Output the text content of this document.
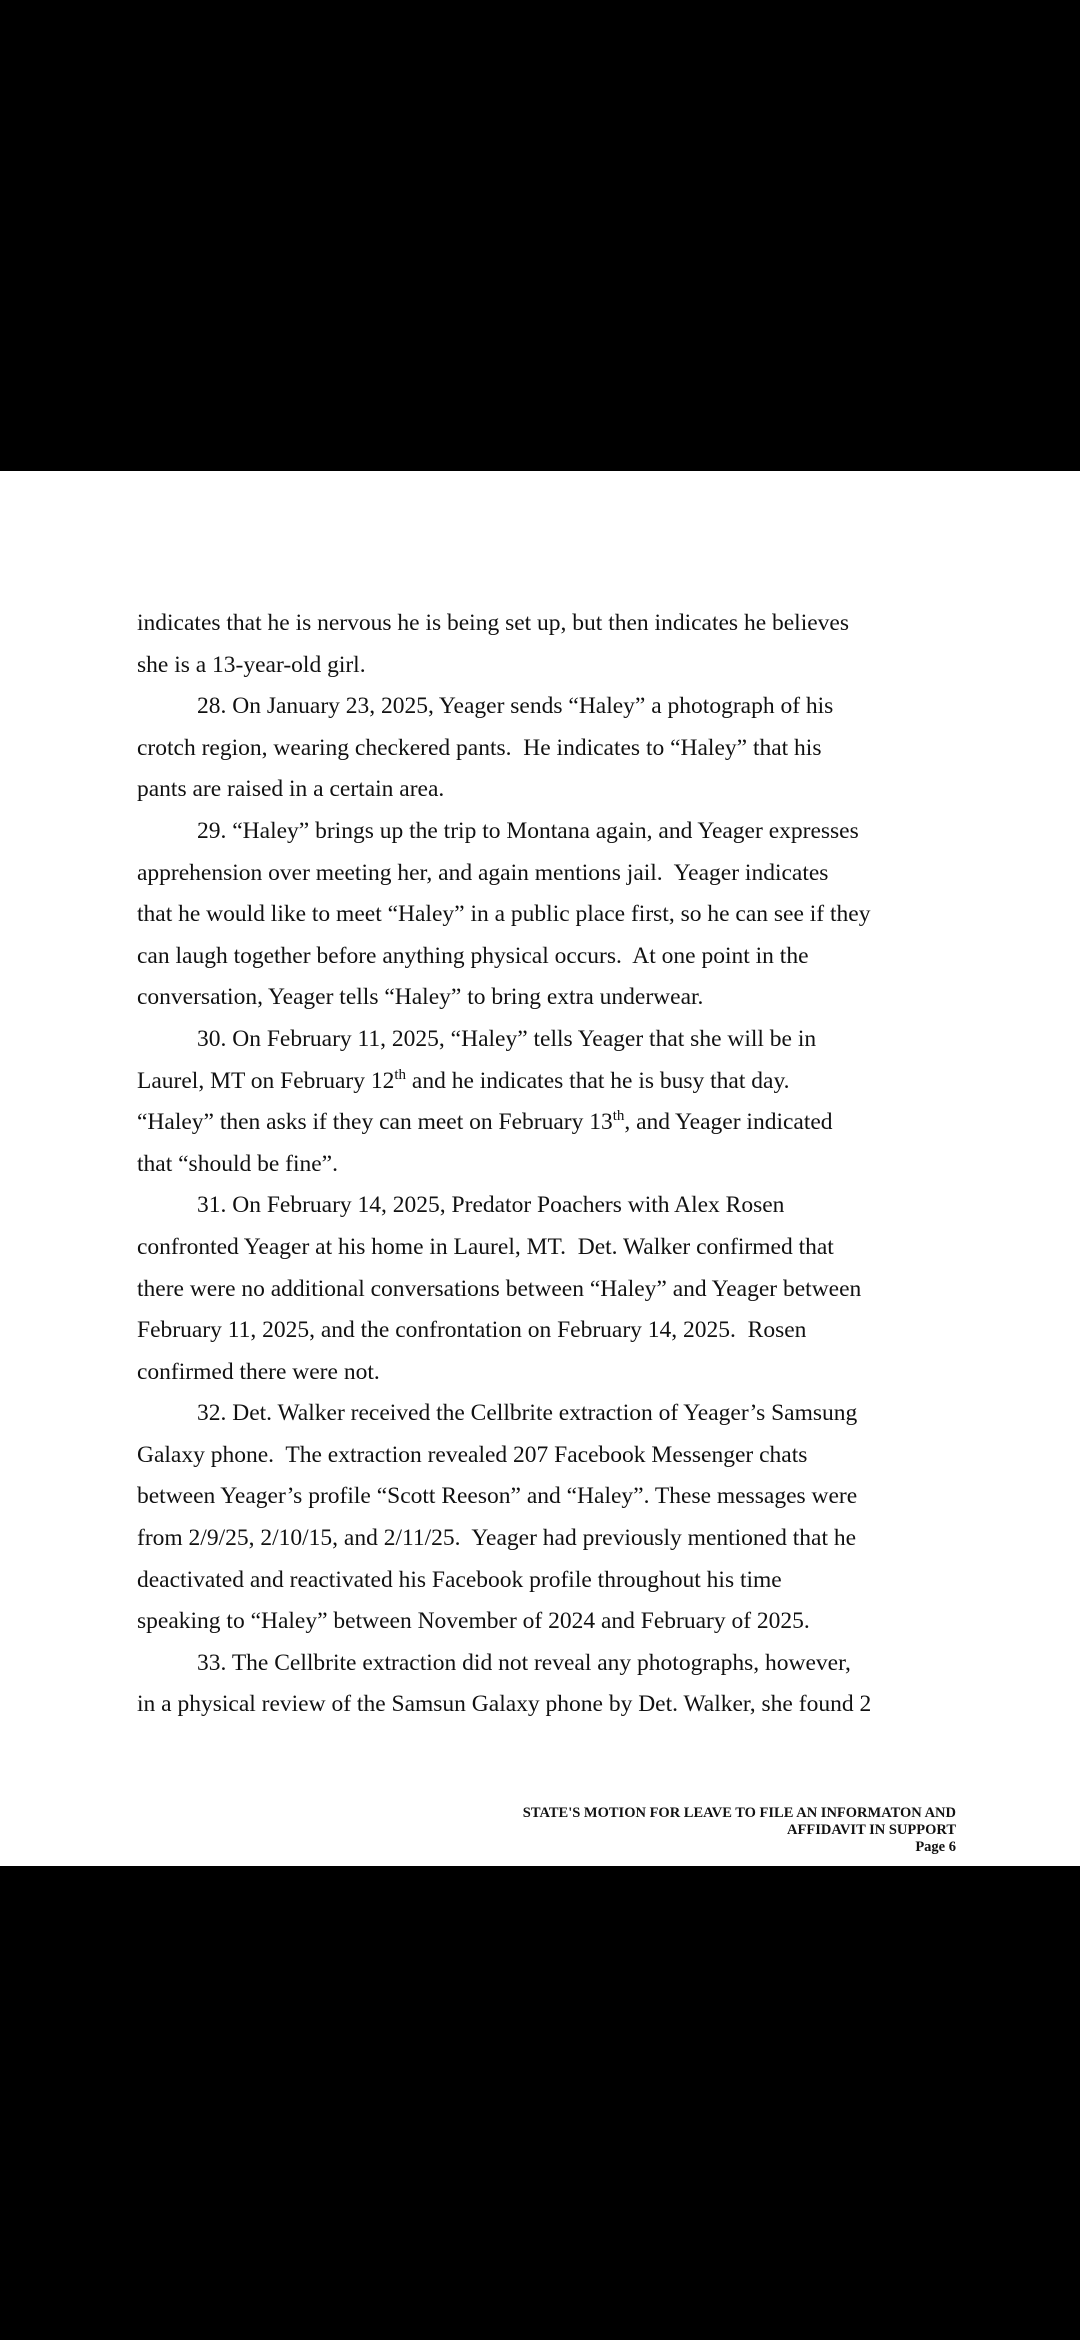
indicates that he is nervous he is being set up, but then indicates he believes
she is a 13-year-old girl.
28. On January 23, 2025, Yeager sends “Haley” a photograph of his
crotch region, wearing checkered pants.  He indicates to “Haley” that his
pants are raised in a certain area.
29. “Haley” brings up the trip to Montana again, and Yeager expresses
apprehension over meeting her, and again mentions jail.  Yeager indicates
that he would like to meet “Haley” in a public place first, so he can see if they
can laugh together before anything physical occurs.  At one point in the
conversation, Yeager tells “Haley” to bring extra underwear.
30. On February 11, 2025, “Haley” tells Yeager that she will be in
Laurel, MT on February 12th and he indicates that he is busy that day.
“Haley” then asks if they can meet on February 13th, and Yeager indicated
that “should be fine”.
31. On February 14, 2025, Predator Poachers with Alex Rosen
confronted Yeager at his home in Laurel, MT.  Det. Walker confirmed that
there were no additional conversations between “Haley” and Yeager between
February 11, 2025, and the confrontation on February 14, 2025.  Rosen
confirmed there were not.
32. Det. Walker received the Cellbrite extraction of Yeager’s Samsung
Galaxy phone.  The extraction revealed 207 Facebook Messenger chats
between Yeager’s profile “Scott Reeson” and “Haley”. These messages were
from 2/9/25, 2/10/15, and 2/11/25.  Yeager had previously mentioned that he
deactivated and reactivated his Facebook profile throughout his time
speaking to “Haley” between November of 2024 and February of 2025.
33. The Cellbrite extraction did not reveal any photographs, however,
in a physical review of the Samsun Galaxy phone by Det. Walker, she found 2
STATE'S MOTION FOR LEAVE TO FILE AN INFORMATON AND
AFFIDAVIT IN SUPPORT
Page 6
